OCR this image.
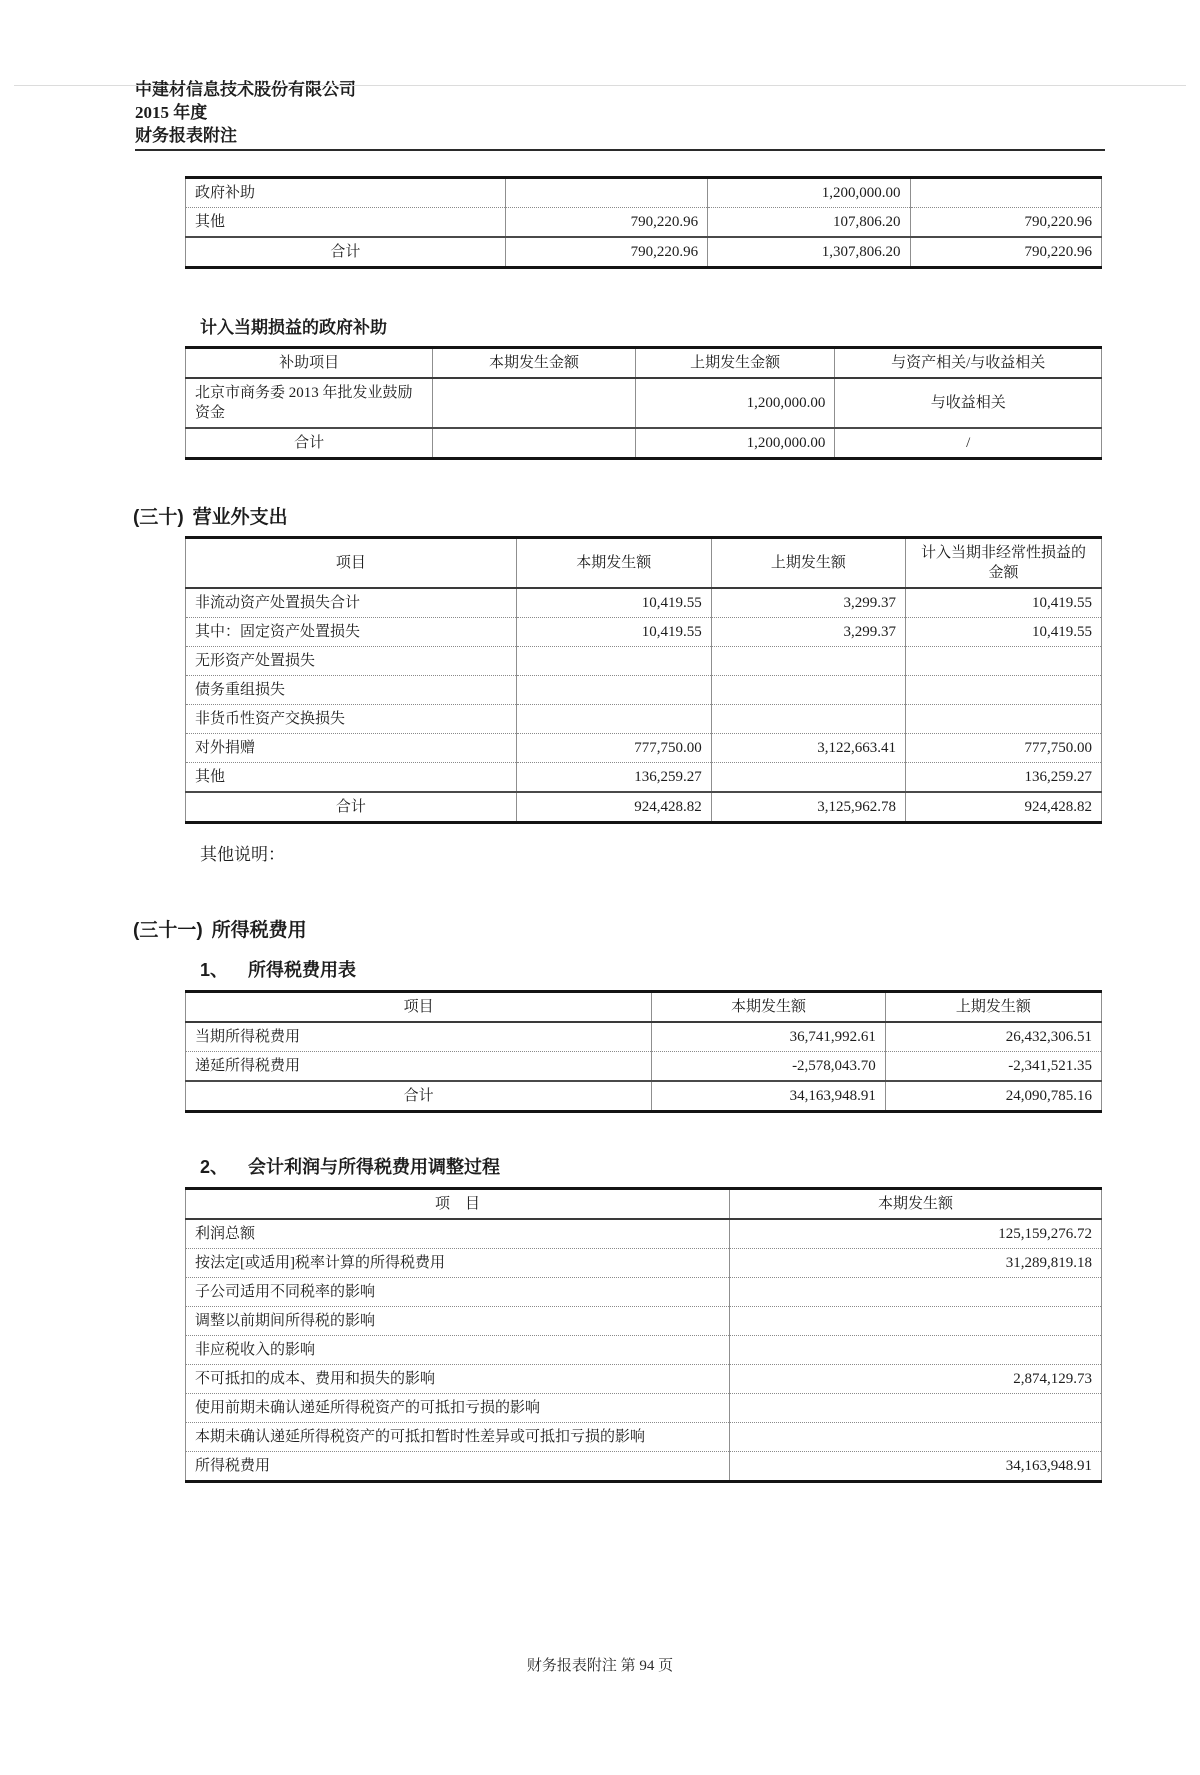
中建材信息技术股份有限公司
2015 年度
财务报表附注
政府补助		1,200,000.00	
其他	790,220.96	107,806.20	790,220.96
合计	790,220.96	1,307,806.20	790,220.96
计入当期损益的政府补助
补助项目	本期发生金额	上期发生金额	与资产相关/与收益相关
北京市商务委 2013 年批发业鼓励资金		1,200,000.00	与收益相关
合计		1,200,000.00	/
(三十) 营业外支出
项目	本期发生额	上期发生额	计入当期非经常性损益的金额
非流动资产处置损失合计	10,419.55	3,299.37	10,419.55
其中：固定资产处置损失	10,419.55	3,299.37	10,419.55
无形资产处置损失			
债务重组损失			
非货币性资产交换损失			
对外捐赠	777,750.00	3,122,663.41	777,750.00
其他	136,259.27		136,259.27
合计	924,428.82	3,125,962.78	924,428.82
其他说明：
(三十一) 所得税费用
1、	所得税费用表
项目	本期发生额	上期发生额
当期所得税费用	36,741,992.61	26,432,306.51
递延所得税费用	-2,578,043.70	-2,341,521.35
合计	34,163,948.91	24,090,785.16
2、	会计利润与所得税费用调整过程
项　目	本期发生额
利润总额	125,159,276.72
按法定[或适用]税率计算的所得税费用	31,289,819.18
子公司适用不同税率的影响	
调整以前期间所得税的影响	
非应税收入的影响	
不可抵扣的成本、费用和损失的影响	2,874,129.73
使用前期未确认递延所得税资产的可抵扣亏损的影响	
本期未确认递延所得税资产的可抵扣暂时性差异或可抵扣亏损的影响	
所得税费用	34,163,948.91
财务报表附注 第 94 页
